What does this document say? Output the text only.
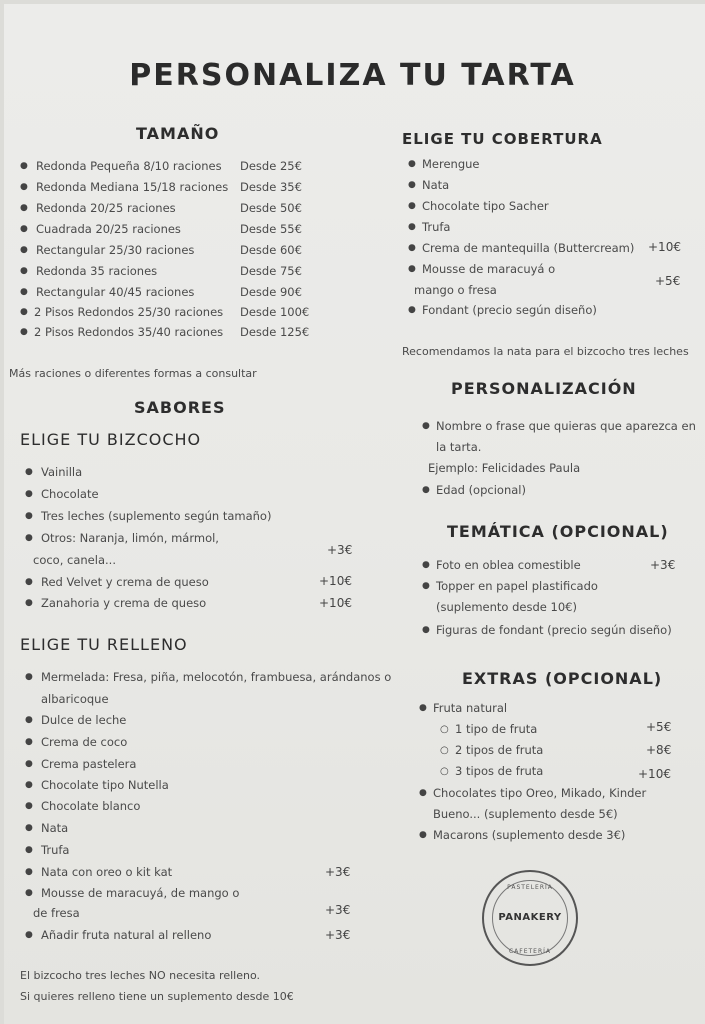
PERSONALIZA TU TARTA
TAMAÑO
● Redonda Pequeña 8/10 raciones Desde 25€
● Redonda Mediana 15/18 raciones Desde 35€
● Redonda 20/25 raciones	Desde 50€
● Cuadrada 20/25 raciones	Desde 55€
● Rectangular 25/30 raciones	Desde 60€
● Redonda 35 raciones	Desde 75€
● Rectangular 40/45 raciones	Desde 90€
● 2 Pisos Redondos 25/30 raciones Desde 100€
● 2 Pisos Redondos 35/40 raciones Desde 125€
Más raciones o diferentes formas a consultar
SABORES
ELIGE TU BIZCOCHO
● Vainilla
● Chocolate
● Tres leches (suplemento según tamaño)
● Otros: Naranja, limón, mármol,
coco, canela...
+3€
● Red Velvet y crema de queso	+10€
● Zanahoria y crema de queso	+10€
ELIGE TU RELLENO
● Mermelada: Fresa, piña, melocotón, frambuesa, arándanos o
albaricoque
● Dulce de leche
● Crema de coco
● Crema pastelera
● Chocolate tipo Nutella
● Chocolate blanco
● Nata
● Trufa
● Nata con oreo o kit kat	+3€
● Mousse de maracuyá, de mango o
de fresa	+3€
● Añadir fruta natural al relleno	+3€
El bizcocho tres leches NO necesita relleno.
Si quieres relleno tiene un suplemento desde 10€
ELIGE TU COBERTURA
● Merengue
● Nata
● Chocolate tipo Sacher
● Trufa
● Crema de mantequilla (Buttercream) +10€
● Mousse de maracuyá o
mango o fresa
+5€
● Fondant (precio según diseño)
Recomendamos la nata para el bizcocho tres leches
PERSONALIZACIÓN
● Nombre o frase que quieras que aparezca en
la tarta.
Ejemplo: Felicidades Paula
● Edad (opcional)
TEMÁTICA (OPCIONAL)
● Foto en oblea comestible	+3€
● Topper en papel plastificado
(suplemento desde 10€)
● Figuras de fondant (precio según diseño)
EXTRAS (OPCIONAL)
● Fruta natural
○ 1 tipo de fruta	+5€
○ 2 tipos de fruta	+8€
○ 3 tipos de fruta	+10€
● Chocolates tipo Oreo, Mikado, Kinder
Bueno... (suplemento desde 5€)
● Macarons (suplemento desde 3€)
PASTELERÍA
PANAKERY
CAFETERÍA
